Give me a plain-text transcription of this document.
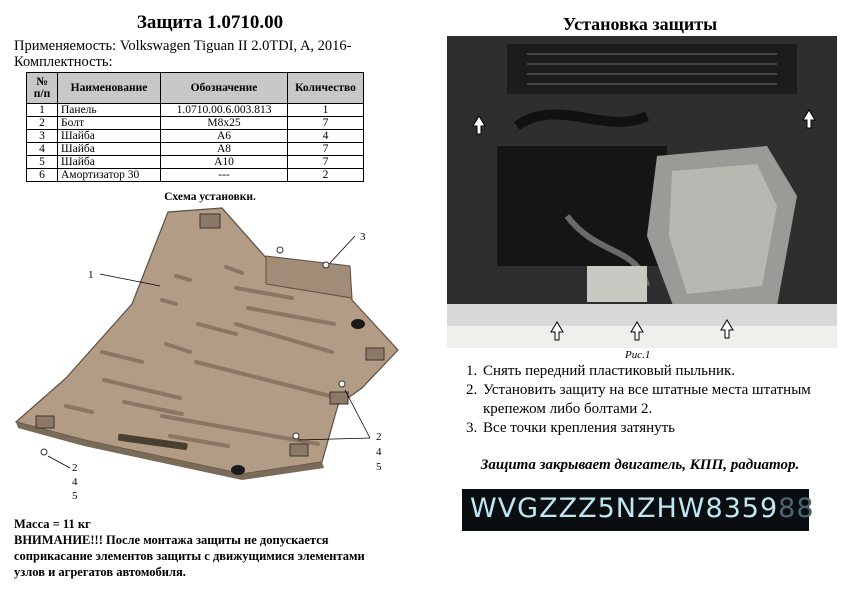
Защита 1.0710.00
Применяемость: Volkswagen Tiguan II 2.0TDI, A, 2016-
Комплектность:
№ п/п	Наименование	Обозначение	Количество
1	Панель	1.0710.00.6.003.813	1
2	Болт	M8x25	7
3	Шайба	A6	4
4	Шайба	A8	7
5	Шайба	A10	7
6	Амортизатор 30	---	2
Схема установки.
1
3
2
4
5
2
4
5
Масса = 11 кг
ВНИМАНИЕ!!! После монтажа защиты не допускается соприкасание элементов защиты с движущимися элементами узлов и агрегатов автомобиля.
Установка защиты
Рис.1
1. Снять передний пластиковый пыльник.
2. Установить защиту на все штатные места штатным крепежом либо болтами 2.
3. Все точки крепления затянуть
Защита закрывает двигатель, КПП, радиатор.
WVGZZZ5NZHW835988
